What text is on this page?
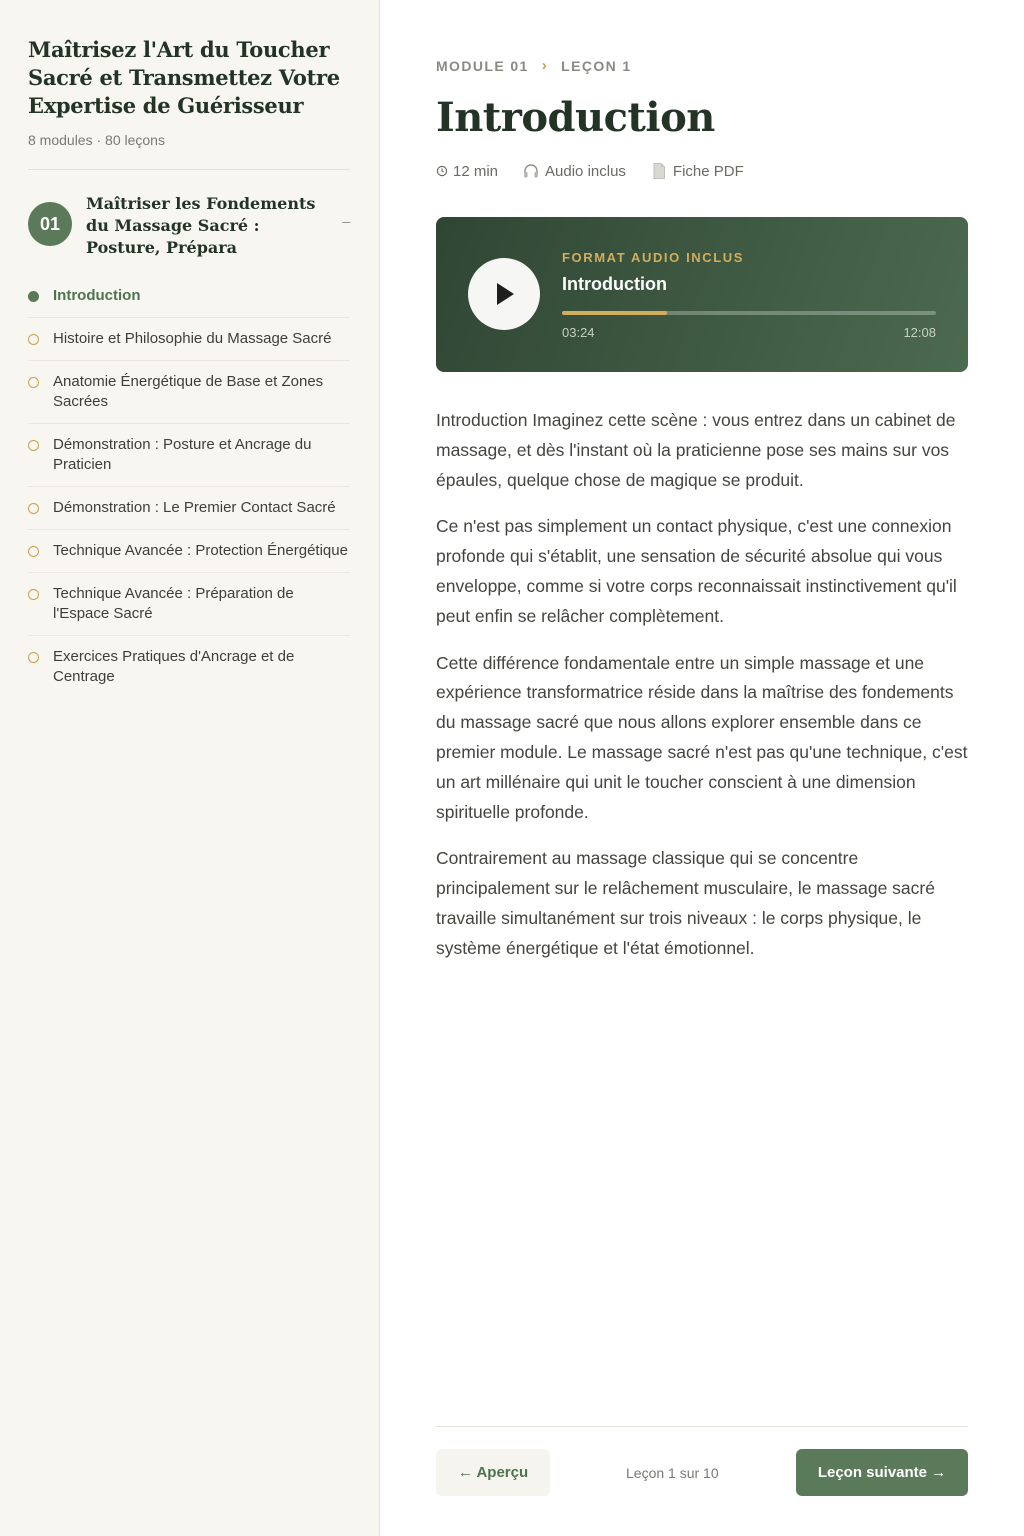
Maîtrisez l'Art du Toucher Sacré et Transmettez Votre Expertise de Guérisseur
8 modules · 80 leçons
01
Maîtriser les Fondements du Massage Sacré : Posture, Prépara
–
Introduction
Histoire et Philosophie du Massage Sacré
Anatomie Énergétique de Base et Zones Sacrées
Démonstration : Posture et Ancrage du Praticien
Démonstration : Le Premier Contact Sacré
Technique Avancée : Protection Énergétique
Technique Avancée : Préparation de l'Espace Sacré
Exercices Pratiques d'Ancrage et de Centrage
MODULE 01 › LEÇON 1
Introduction
12 min	Audio inclus	Fiche PDF
FORMAT AUDIO INCLUS
Introduction
03:24	12:08

Introduction Imaginez cette scène : vous entrez dans un cabinet de massage, et dès l'instant où la praticienne pose ses mains sur vos épaules, quelque chose de magique se produit.

Ce n'est pas simplement un contact physique, c'est une connexion profonde qui s'établit, une sensation de sécurité absolue qui vous enveloppe, comme si votre corps reconnaissait instinctivement qu'il peut enfin se relâcher complètement.

Cette différence fondamentale entre un simple massage et une expérience transformatrice réside dans la maîtrise des fondements du massage sacré que nous allons explorer ensemble dans ce premier module. Le massage sacré n'est pas qu'une technique, c'est un art millénaire qui unit le toucher conscient à une dimension spirituelle profonde.

Contrairement au massage classique qui se concentre principalement sur le relâchement musculaire, le massage sacré travaille simultanément sur trois niveaux : le corps physique, le système énergétique et l'état émotionnel.

← Aperçu	Leçon 1 sur 10	Leçon suivante →
